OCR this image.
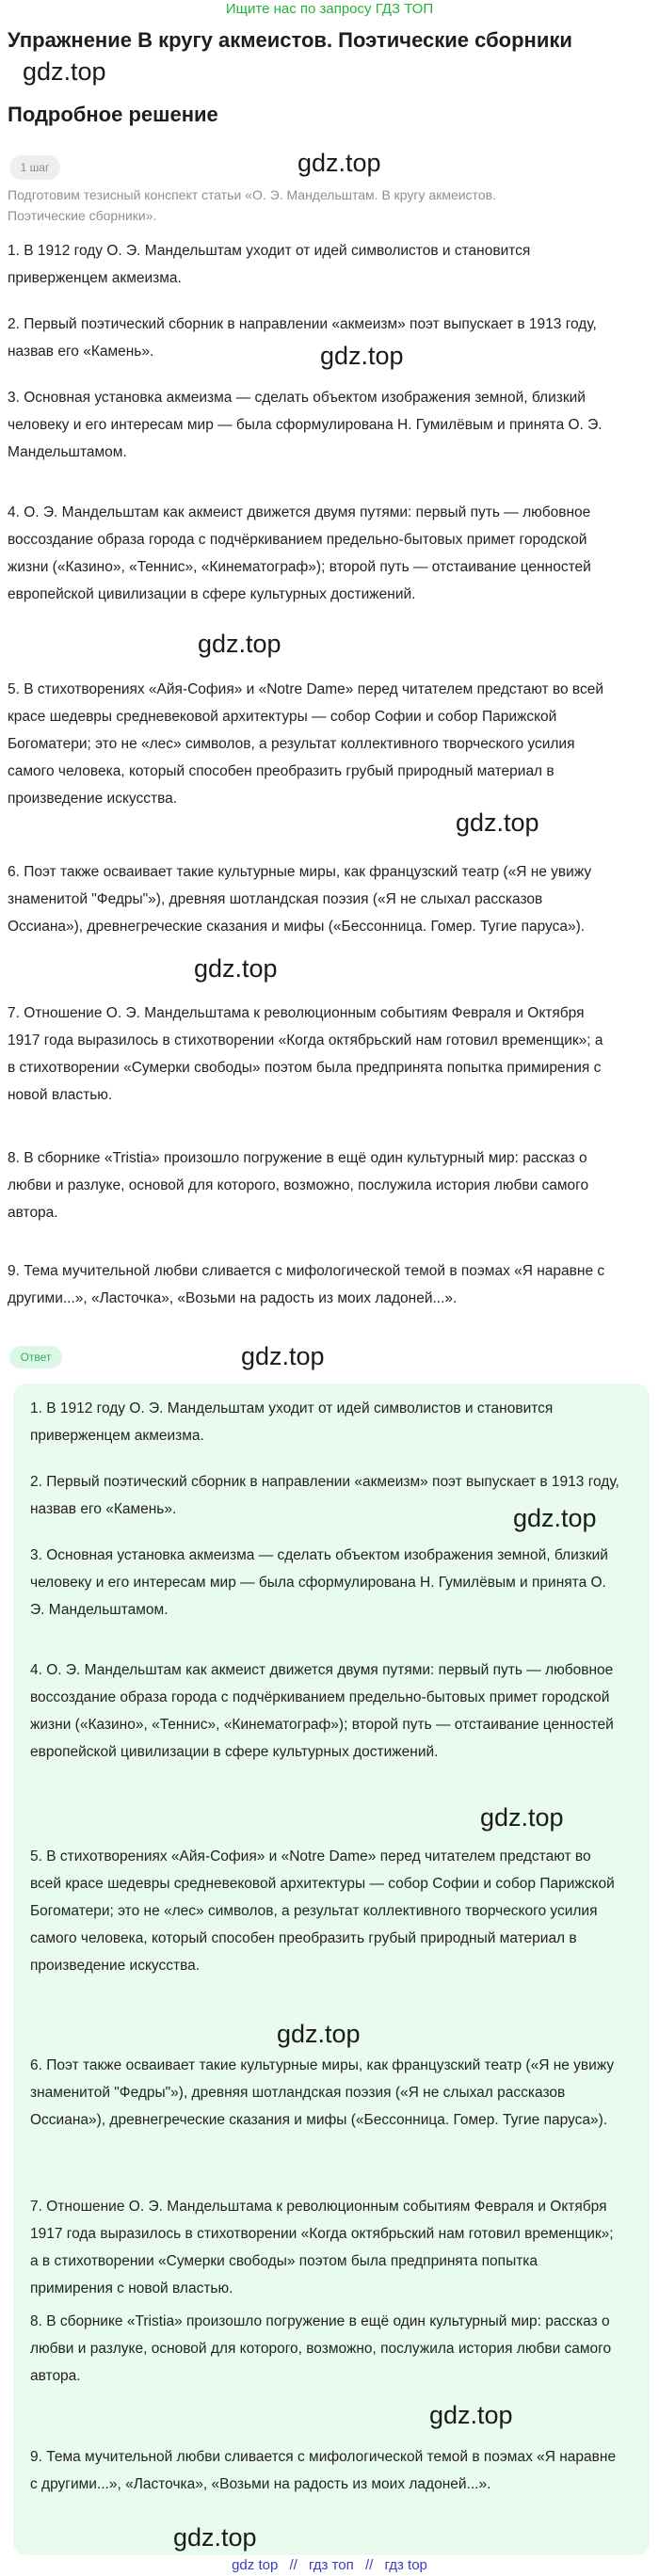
Ищите нас по запросу ГДЗ ТОП
Упражнение В кругу акмеистов. Поэтические сборники
gdz.top
Подробное решение
gdz.top
1 шаг
Подготовим тезисный конспект статьи «О. Э. Мандельштам. В кругу акмеистов. Поэтические сборники».

1. В 1912 году О. Э. Мандельштам уходит от идей символистов и становится приверженцем акмеизма.

2. Первый поэтический сборник в направлении «акмеизм» поэт выпускает в 1913 году, назвав его «Камень».	gdz.top

3. Основная установка акмеизма — сделать объектом изображения земной, близкий человеку и его интересам мир — была сформулирована Н. Гумилёвым и принята О. Э. Мандельштамом.

4. О. Э. Мандельштам как акмеист движется двумя путями: первый путь — любовное воссоздание образа города с подчёркиванием предельно-бытовых примет городской жизни («Казино», «Теннис», «Кинематограф»); второй путь — отстаивание ценностей европейской цивилизации в сфере культурных достижений.

gdz.top

5. В стихотворениях «Айя-София» и «Notre Dame» перед читателем предстают во всей красе шедевры средневековой архитектуры — собор Софии и собор Парижской Богоматери; это не «лес» символов, а результат коллективного творческого усилия самого человека, который способен преобразить грубый природный материал в произведение искусства.

gdz.top

6. Поэт также осваивает такие культурные миры, как французский театр («Я не увижу знаменитой "Федры"»), древняя шотландская поэзия («Я не слыхал рассказов Оссиана»), древнегреческие сказания и мифы («Бессонница. Гомер. Тугие паруса»).

gdz.top

7. Отношение О. Э. Мандельштама к революционным событиям Февраля и Октября 1917 года выразилось в стихотворении «Когда октябрьский нам готовил временщик»; а в стихотворении «Сумерки свободы» поэтом была предпринята попытка примирения с новой властью.

8. В сборнике «Tristia» произошло погружение в ещё один культурный мир: рассказ о любви и разлуке, основой для которого, возможно, послужила история любви самого автора.

9. Тема мучительной любви сливается с мифологической темой в поэмах «Я наравне с другими...», «Ласточка», «Возьми на радость из моих ладоней...».

Ответ	gdz.top

1. В 1912 году О. Э. Мандельштам уходит от идей символистов и становится приверженцем акмеизма.

2. Первый поэтический сборник в направлении «акмеизм» поэт выпускает в 1913 году, назвав его «Камень».	gdz.top

3. Основная установка акмеизма — сделать объектом изображения земной, близкий человеку и его интересам мир — была сформулирована Н. Гумилёвым и принята О. Э. Мандельштамом.

4. О. Э. Мандельштам как акмеист движется двумя путями: первый путь — любовное воссоздание образа города с подчёркиванием предельно-бытовых примет городской жизни («Казино», «Теннис», «Кинематограф»); второй путь — отстаивание ценностей европейской цивилизации в сфере культурных достижений.

gdz.top

5. В стихотворениях «Айя-София» и «Notre Dame» перед читателем предстают во всей красе шедевры средневековой архитектуры — собор Софии и собор Парижской Богоматери; это не «лес» символов, а результат коллективного творческого усилия самого человека, который способен преобразить грубый природный материал в произведение искусства.

gdz.top

6. Поэт также осваивает такие культурные миры, как французский театр («Я не увижу знаменитой "Федры"»), древняя шотландская поэзия («Я не слыхал рассказов Оссиана»), древнегреческие сказания и мифы («Бессонница. Гомер. Тугие паруса»).

7. Отношение О. Э. Мандельштама к революционным событиям Февраля и Октября 1917 года выразилось в стихотворении «Когда октябрьский нам готовил временщик»; а в стихотворении «Сумерки свободы» поэтом была предпринята попытка примирения с новой властью.

8. В сборнике «Tristia» произошло погружение в ещё один культурный мир: рассказ о любви и разлуке, основой для которого, возможно, послужила история любви самого автора.

gdz.top

9. Тема мучительной любви сливается с мифологической темой в поэмах «Я наравне с другими...», «Ласточка», «Возьми на радость из моих ладоней...».

gdz.top
gdz top // гдз топ // гдз top
